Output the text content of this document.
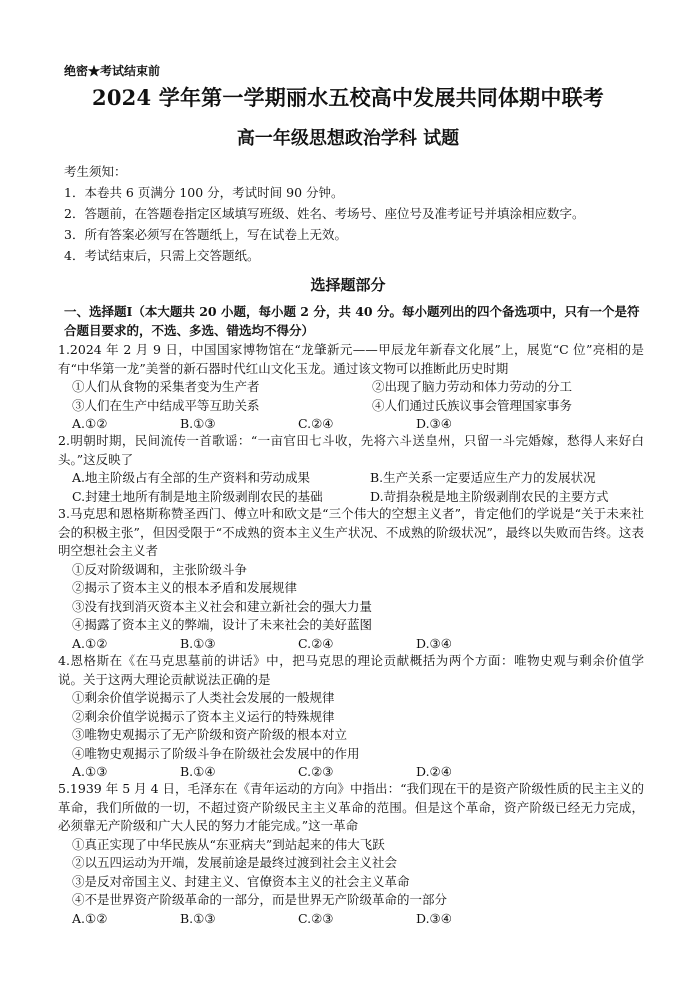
绝密★考试结束前
2024 学年第一学期丽水五校高中发展共同体期中联考
高一年级思想政治学科 试题
考生须知：
1．本卷共 6 页满分 100 分，考试时间 90 分钟。
2．答题前，在答题卷指定区域填写班级、姓名、考场号、座位号及准考证号并填涂相应数字。
3．所有答案必须写在答题纸上，写在试卷上无效。
4．考试结束后，只需上交答题纸。
选择题部分
一、选择题Ⅰ（本大题共 20 小题，每小题 2 分，共 40 分。每小题列出的四个备选项中，只有一个是符合题目要求的，不选、多选、错选均不得分）
1.2024 年 2 月 9 日，中国国家博物馆在“龙肇新元——甲辰龙年新春文化展”上，展览“C 位”亮相的是有“中华第一龙”美誉的新石器时代红山文化玉龙。通过该文物可以推断此历史时期
①人们从食物的采集者变为生产者	②出现了脑力劳动和体力劳动的分工
③人们在生产中结成平等互助关系	④人们通过氏族议事会管理国家事务
A.①②	B.①③	C.②④	D.③④
2.明朝时期，民间流传一首歌谣：“一亩官田七斗收，先将六斗送皇州，只留一斗完婚嫁，愁得人来好白头。”这反映了
A.地主阶级占有全部的生产资料和劳动成果	B.生产关系一定要适应生产力的发展状况
C.封建土地所有制是地主阶级剥削农民的基础	D.苛捐杂税是地主阶级剥削农民的主要方式
3.马克思和恩格斯称赞圣西门、傅立叶和欧文是“三个伟大的空想主义者”，肯定他们的学说是“关于未来社会的积极主张”，但因受限于“不成熟的资本主义生产状况、不成熟的阶级状况”，最终以失败而告终。这表明空想社会主义者
①反对阶级调和，主张阶级斗争
②揭示了资本主义的根本矛盾和发展规律
③没有找到消灭资本主义社会和建立新社会的强大力量
④揭露了资本主义的弊端，设计了未来社会的美好蓝图
A.①②	B.①③	C.②④	D.③④
4.恩格斯在《在马克思墓前的讲话》中，把马克思的理论贡献概括为两个方面：唯物史观与剩余价值学说。关于这两大理论贡献说法正确的是
①剩余价值学说揭示了人类社会发展的一般规律
②剩余价值学说揭示了资本主义运行的特殊规律
③唯物史观揭示了无产阶级和资产阶级的根本对立
④唯物史观揭示了阶级斗争在阶级社会发展中的作用
A.①③	B.①④	C.②③	D.②④
5.1939 年 5 月 4 日，毛泽东在《青年运动的方向》中指出：“我们现在干的是资产阶级性质的民主主义的革命，我们所做的一切，不超过资产阶级民主主义革命的范围。但是这个革命，资产阶级已经无力完成，必须靠无产阶级和广大人民的努力才能完成。”这一革命
①真正实现了中华民族从“东亚病夫”到站起来的伟大飞跃
②以五四运动为开端，发展前途是最终过渡到社会主义社会
③是反对帝国主义、封建主义、官僚资本主义的社会主义革命
④不是世界资产阶级革命的一部分，而是世界无产阶级革命的一部分
A.①②	B.①③	C.②③	D.③④
